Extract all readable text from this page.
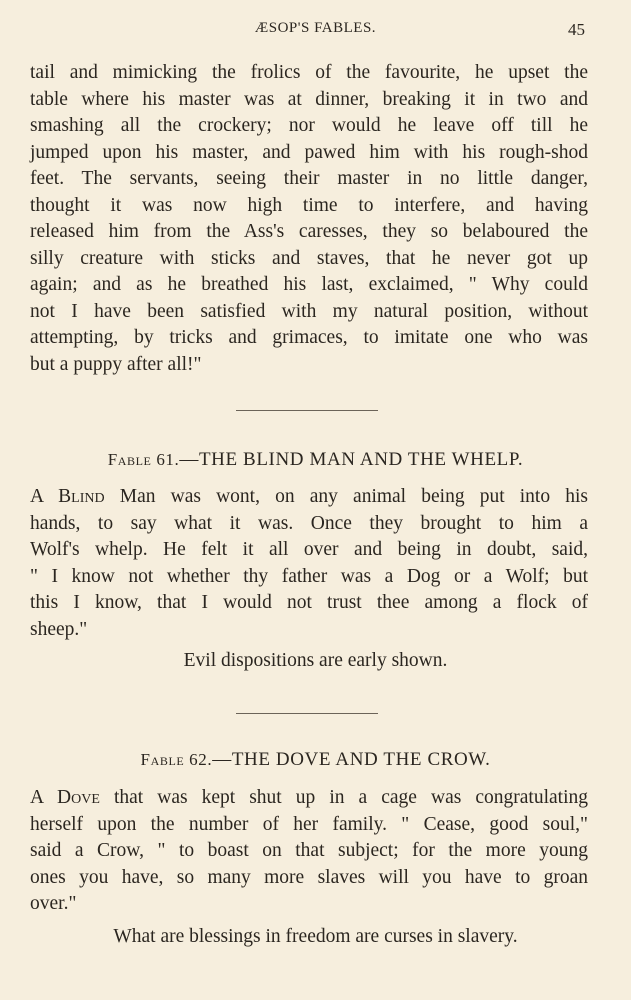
ÆSOP'S FABLES.	45
tail and mimicking the frolics of the favourite, he upset the
table where his master was at dinner, breaking it in two and
smashing all the crockery; nor would he leave off till he
jumped upon his master, and pawed him with his rough-shod
feet. The servants, seeing their master in no little danger,
thought it was now high time to interfere, and having
released him from the Ass's caresses, they so belaboured the
silly creature with sticks and staves, that he never got up
again; and as he breathed his last, exclaimed, " Why could
not I have been satisfied with my natural position, without
attempting, by tricks and grimaces, to imitate one who was
but a puppy after all!"
Fable 61.—THE BLIND MAN AND THE WHELP.
A Blind Man was wont, on any animal being put into his
hands, to say what it was. Once they brought to him a
Wolf's whelp. He felt it all over and being in doubt, said,
" I know not whether thy father was a Dog or a Wolf; but
this I know, that I would not trust thee among a flock of
sheep."
Evil dispositions are early shown.
Fable 62.—THE DOVE AND THE CROW.
A Dove that was kept shut up in a cage was congratulating
herself upon the number of her family. " Cease, good soul,"
said a Crow, " to boast on that subject; for the more young
ones you have, so many more slaves will you have to groan
over."
What are blessings in freedom are curses in slavery.
